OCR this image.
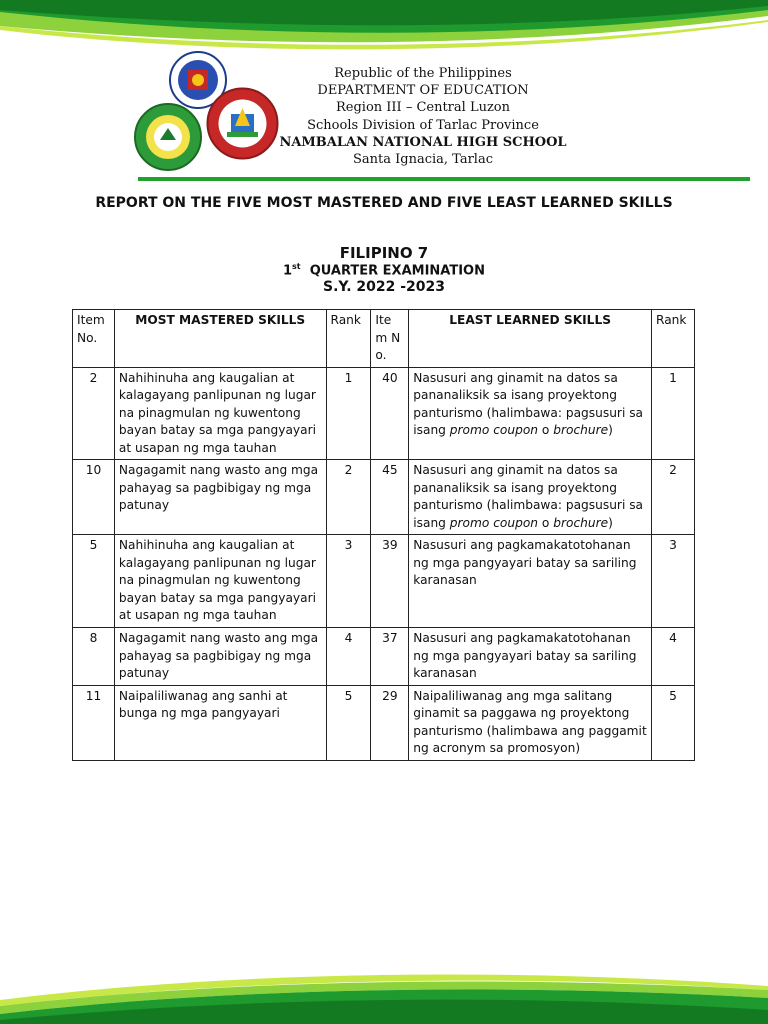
Republic of the Philippines
DEPARTMENT OF EDUCATION
Region III – Central Luzon
Schools Division of Tarlac Province
NAMBALAN NATIONAL HIGH SCHOOL
Santa Ignacia, Tarlac
REPORT ON THE FIVE MOST MASTERED AND FIVE LEAST LEARNED SKILLS
FILIPINO 7
1st  QUARTER EXAMINATION
S.Y. 2022 -2023
Item No.	MOST MASTERED SKILLS	Rank	Ite m No.	LEAST LEARNED SKILLS	Rank
2	Nahihinuha ang kaugalian at kalagayang panlipunan ng lugar na pinagmulan ng kuwentong bayan batay sa mga pangyayari at usapan ng mga tauhan	1	40	Nasusuri ang ginamit na datos sa pananaliksik sa isang proyektong panturismo (halimbawa: pagsusuri sa isang promo coupon o brochure)	1
10	Nagagamit nang wasto ang mga pahayag sa pagbibigay ng mga patunay	2	45	Nasusuri ang ginamit na datos sa pananaliksik sa isang proyektong panturismo (halimbawa: pagsusuri sa isang promo coupon o brochure)	2
5	Nahihinuha ang kaugalian at kalagayang panlipunan ng lugar na pinagmulan ng kuwentong bayan batay sa mga pangyayari at usapan ng mga tauhan	3	39	Nasusuri ang pagkamakatotohanan ng mga pangyayari batay sa sariling karanasan	3
8	Nagagamit nang wasto ang mga pahayag sa pagbibigay ng mga patunay	4	37	Nasusuri ang pagkamakatotohanan ng mga pangyayari batay sa sariling karanasan	4
11	Naipaliliwanag ang sanhi at bunga ng mga pangyayari	5	29	Naipaliliwanag ang mga salitang ginamit sa paggawa ng proyektong panturismo (halimbawa ang paggamit ng acronym sa promosyon)	5
